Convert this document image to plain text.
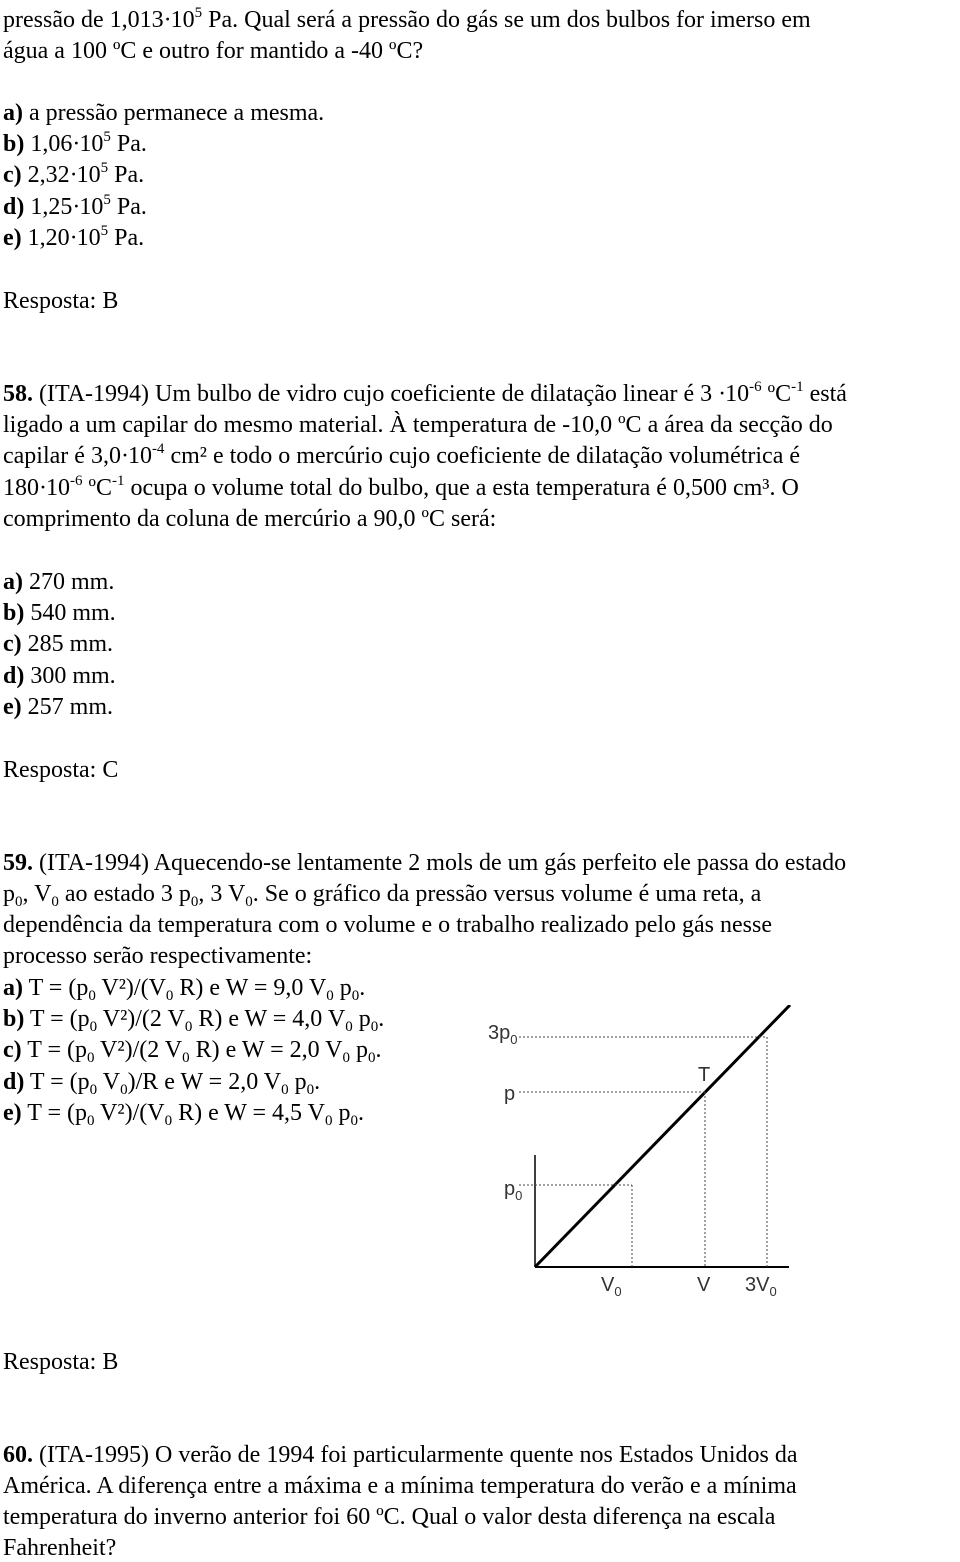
pressão de $1,013 \cdot 10^5$ Pa. Qual será a pressão do gás se um dos bulbos for imerso em
água a 100 ºC e outro for mantido a -40 ºC?
a) a pressão permanece a mesma.
b) $1,06 \cdot 10^5$ Pa.
c) $2,32 \cdot 10^5$ Pa.
d) $1,25 \cdot 10^5$ Pa.
e) $1,20 \cdot 10^5$ Pa.
Resposta: B
58. (ITA-1994) Um bulbo de vidro cujo coeficiente de dilatação linear é $3 \cdot 10^{-6}$ ºC$^{-1}$ está
ligado a um capilar do mesmo material. À temperatura de -10,0 ºC a área da secção do
capilar é $3,0 \cdot 10^{-4}$ cm² e todo o mercúrio cujo coeficiente de dilatação volumétrica é
$180 \cdot 10^{-6}$ ºC$^{-1}$ ocupa o volume total do bulbo, que a esta temperatura é 0,500 cm³. O
comprimento da coluna de mercúrio a 90,0 ºC será:
a) 270 mm.
b) 540 mm.
c) 285 mm.
d) 300 mm.
e) 257 mm.
Resposta: C
59. (ITA-1994) Aquecendo-se lentamente 2 mols de um gás perfeito ele passa do estado
$p_0$, $V_0$ ao estado 3 $p_0$, 3 $V_0$. Se o gráfico da pressão versus volume é uma reta, a
dependência da temperatura com o volume e o trabalho realizado pelo gás nesse
processo serão respectivamente:
a) $T = (p_0$ $V^2)/(V_0$ R) e W = 9,0 $V_0$ $p_0$.
b) $T = (p_0$ V²)/(2 $V_0$ R) e W = 4,0 $V_0$ $p_0$.
c) $T = (p_0$ V²)/(2 $V_0$ R) e W = 2,0 $V_0$ $p_0$.
d) $T = (p_0$ $V_0)/R$ e W = 2,0 $V_0$ $p_0$.
e) $T = (p_0$ $V^2)/(V_0$ R) e W = 4,5 $V_0$ $p_0$.
$3p_0$
p
$p_0$
T
$V_0$	V $3V_0$
Resposta: B
60. (ITA-1995) O verão de 1994 foi particularmente quente nos Estados Unidos da
América. A diferença entre a máxima e a mínima temperatura do verão e a mínima
temperatura do inverno anterior foi 60 ºC. Qual o valor desta diferença na escala
Fahrenheit?
